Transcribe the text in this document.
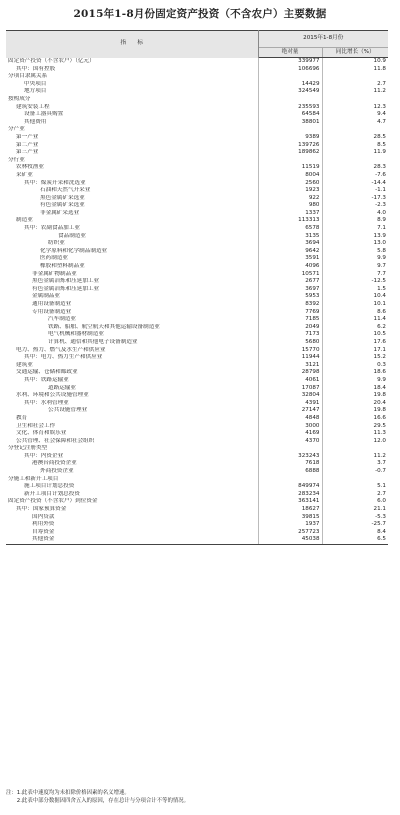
2015年1-8月份固定资产投资（不含农户）主要数据
指　　标	2015年1-8月份	
	绝对量	同比增长（%）
固定资产投资（不含农户）（亿元）	339977	10.9
其中：国有控股	106696	11.8
分项目隶属关系		
中央项目	14429	2.7
地方项目	324549	11.2
按构成分		
建筑安装工程	235593	12.3
设备工器具购置	64584	9.4
其他费用	38801	4.7
分产业		
第一产业	9389	28.5
第二产业	139726	8.5
第三产业	189862	11.9
分行业		
农林牧渔业	11519	28.3
采矿业	8004	-7.6
其中：煤炭开采和洗选业	2560	-14.4
石油和天然气开采业	1923	-1.1
黑色金属矿采选业	922	-17.3
有色金属矿采选业	980	-2.3
非金属矿采选业	1337	4.0
制造业	113313	8.9
其中：农副食品加工业	6578	7.1
食品制造业	3135	13.9
纺织业	3694	13.0
化学原料和化学制品制造业	9642	5.8
医药制造业	3591	9.9
橡胶和塑料制品业	4096	9.7
非金属矿物制品业	10571	7.7
黑色金属冶炼和压延加工业	2677	-12.5
有色金属冶炼和压延加工业	3697	1.5
金属制品业	5953	10.4
通用设备制造业	8392	10.1
专用设备制造业	7769	8.6
汽车制造业	7185	11.4
铁路、船舶、航空航天和其他运输设备制造业	2049	6.2

电气机械和器材制造业	7173	10.5
计算机、通信和其他电子设备制造业	5680	17.6
电力、热力、燃气及水生产和供应业	15770	17.1
其中：电力、热力生产和供应业	11944	15.2
建筑业	3121	0.3
交通运输、仓储和邮政业	28798	18.6
其中：铁路运输业	4061	9.9
道路运输业	17087	18.4
水利、环境和公共设施管理业	32804	19.8
其中：水利管理业	4391	20.4
公共设施管理业	27147	19.8
教育	4848	16.6
卫生和社会工作	3000	29.5
文化、体育和娱乐业	4169	11.3
公共管理、社会保障和社会组织	4370	12.0
分登记注册类型		
其中：内资企业	323243	11.2
港澳台商投资企业	7618	3.7
外商投资企业	6888	-0.7
分施工和新开工项目		
施工项目计划总投资	849974	5.1
新开工项目计划总投资	283234	2.7
固定资产投资（不含农户）到位资金	363141	6.0
其中：国家预算资金	18627	21.1
国内贷款	39815	-5.3
利用外资	1937	-25.7
自筹资金	257723	8.4
其他资金	45038	6.5
注：1.此表中速度均为未扣除价格因素的名义增速。
　　2.此表中部分数据因四舍五入的原因，存在总计与分项合计不等的情况。
